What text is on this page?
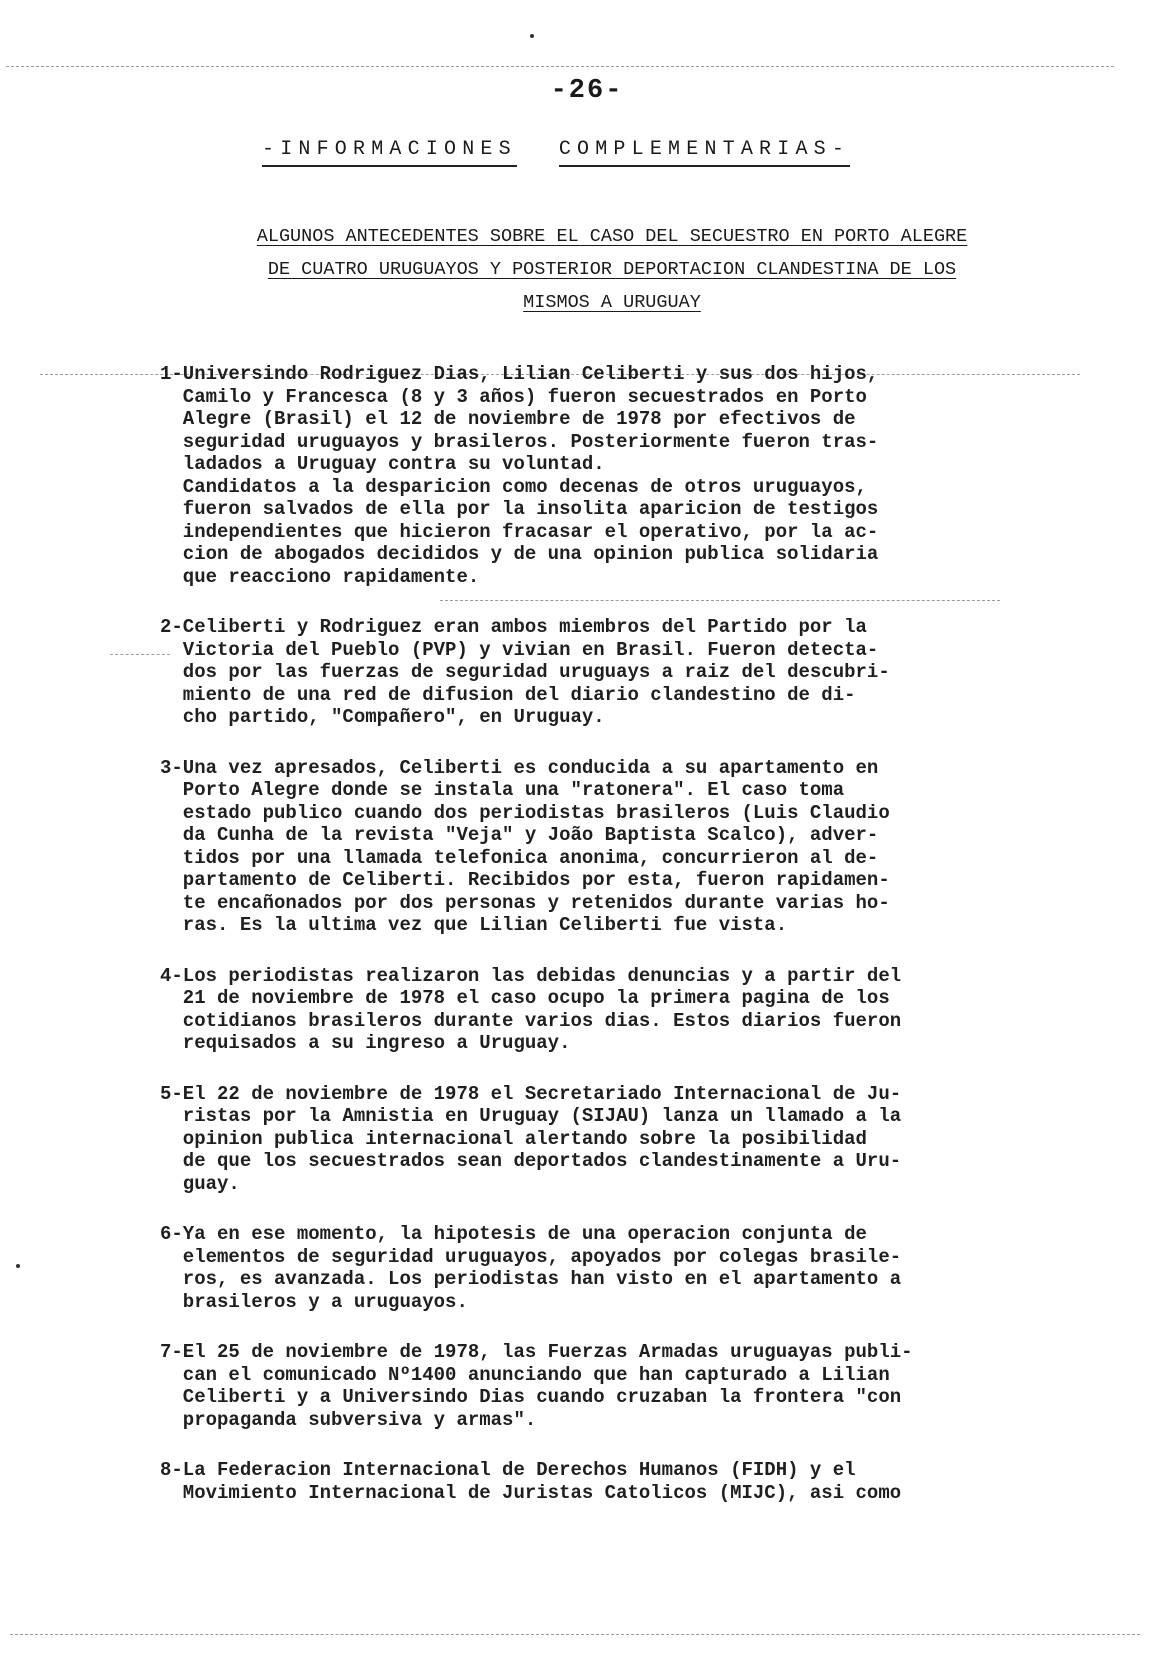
-26-
-INFORMACIONES COMPLEMENTARIAS-
ALGUNOS ANTECEDENTES SOBRE EL CASO DEL SECUESTRO EN PORTO ALEGRE
DE CUATRO URUGUAYOS Y POSTERIOR DEPORTACION CLANDESTINA DE LOS
MISMOS A URUGUAY
1-Universindo Rodriguez Dias, Lilian Celiberti y sus dos hijos,
Camilo y Francesca (8 y 3 años) fueron secuestrados en Porto
Alegre (Brasil) el 12 de noviembre de 1978 por efectivos de
seguridad uruguayos y brasileros. Posteriormente fueron tras-
ladados a Uruguay contra su voluntad.
Candidatos a la desparicion como decenas de otros uruguayos,
fueron salvados de ella por la insolita aparicion de testigos
independientes que hicieron fracasar el operativo, por la ac-
cion de abogados decididos y de una opinion publica solidaria
que reacciono rapidamente.
2-Celiberti y Rodriguez eran ambos miembros del Partido por la
Victoria del Pueblo (PVP) y vivian en Brasil. Fueron detecta-
dos por las fuerzas de seguridad uruguays a raiz del descubri-
miento de una red de difusion del diario clandestino de di-
cho partido, "Compañero", en Uruguay.
3-Una vez apresados, Celiberti es conducida a su apartamento en
Porto Alegre donde se instala una "ratonera". El caso toma
estado publico cuando dos periodistas brasileros (Luis Claudio
da Cunha de la revista "Veja" y João Baptista Scalco), adver-
tidos por una llamada telefonica anonima, concurrieron al de-
partamento de Celiberti. Recibidos por esta, fueron rapidamen-
te encañonados por dos personas y retenidos durante varias ho-
ras. Es la ultima vez que Lilian Celiberti fue vista.
4-Los periodistas realizaron las debidas denuncias y a partir del
21 de noviembre de 1978 el caso ocupo la primera pagina de los
cotidianos brasileros durante varios dias. Estos diarios fueron
requisados a su ingreso a Uruguay.
5-El 22 de noviembre de 1978 el Secretariado Internacional de Ju-
ristas por la Amnistia en Uruguay (SIJAU) lanza un llamado a la
opinion publica internacional alertando sobre la posibilidad
de que los secuestrados sean deportados clandestinamente a Uru-
guay.
6-Ya en ese momento, la hipotesis de una operacion conjunta de
elementos de seguridad uruguayos, apoyados por colegas brasile-
ros, es avanzada. Los periodistas han visto en el apartamento a
brasileros y a uruguayos.
7-El 25 de noviembre de 1978, las Fuerzas Armadas uruguayas publi-
can el comunicado Nº1400 anunciando que han capturado a Lilian
Celiberti y a Universindo Dias cuando cruzaban la frontera "con
propaganda subversiva y armas".
8-La Federacion Internacional de Derechos Humanos (FIDH) y el
Movimiento Internacional de Juristas Catolicos (MIJC), asi como
